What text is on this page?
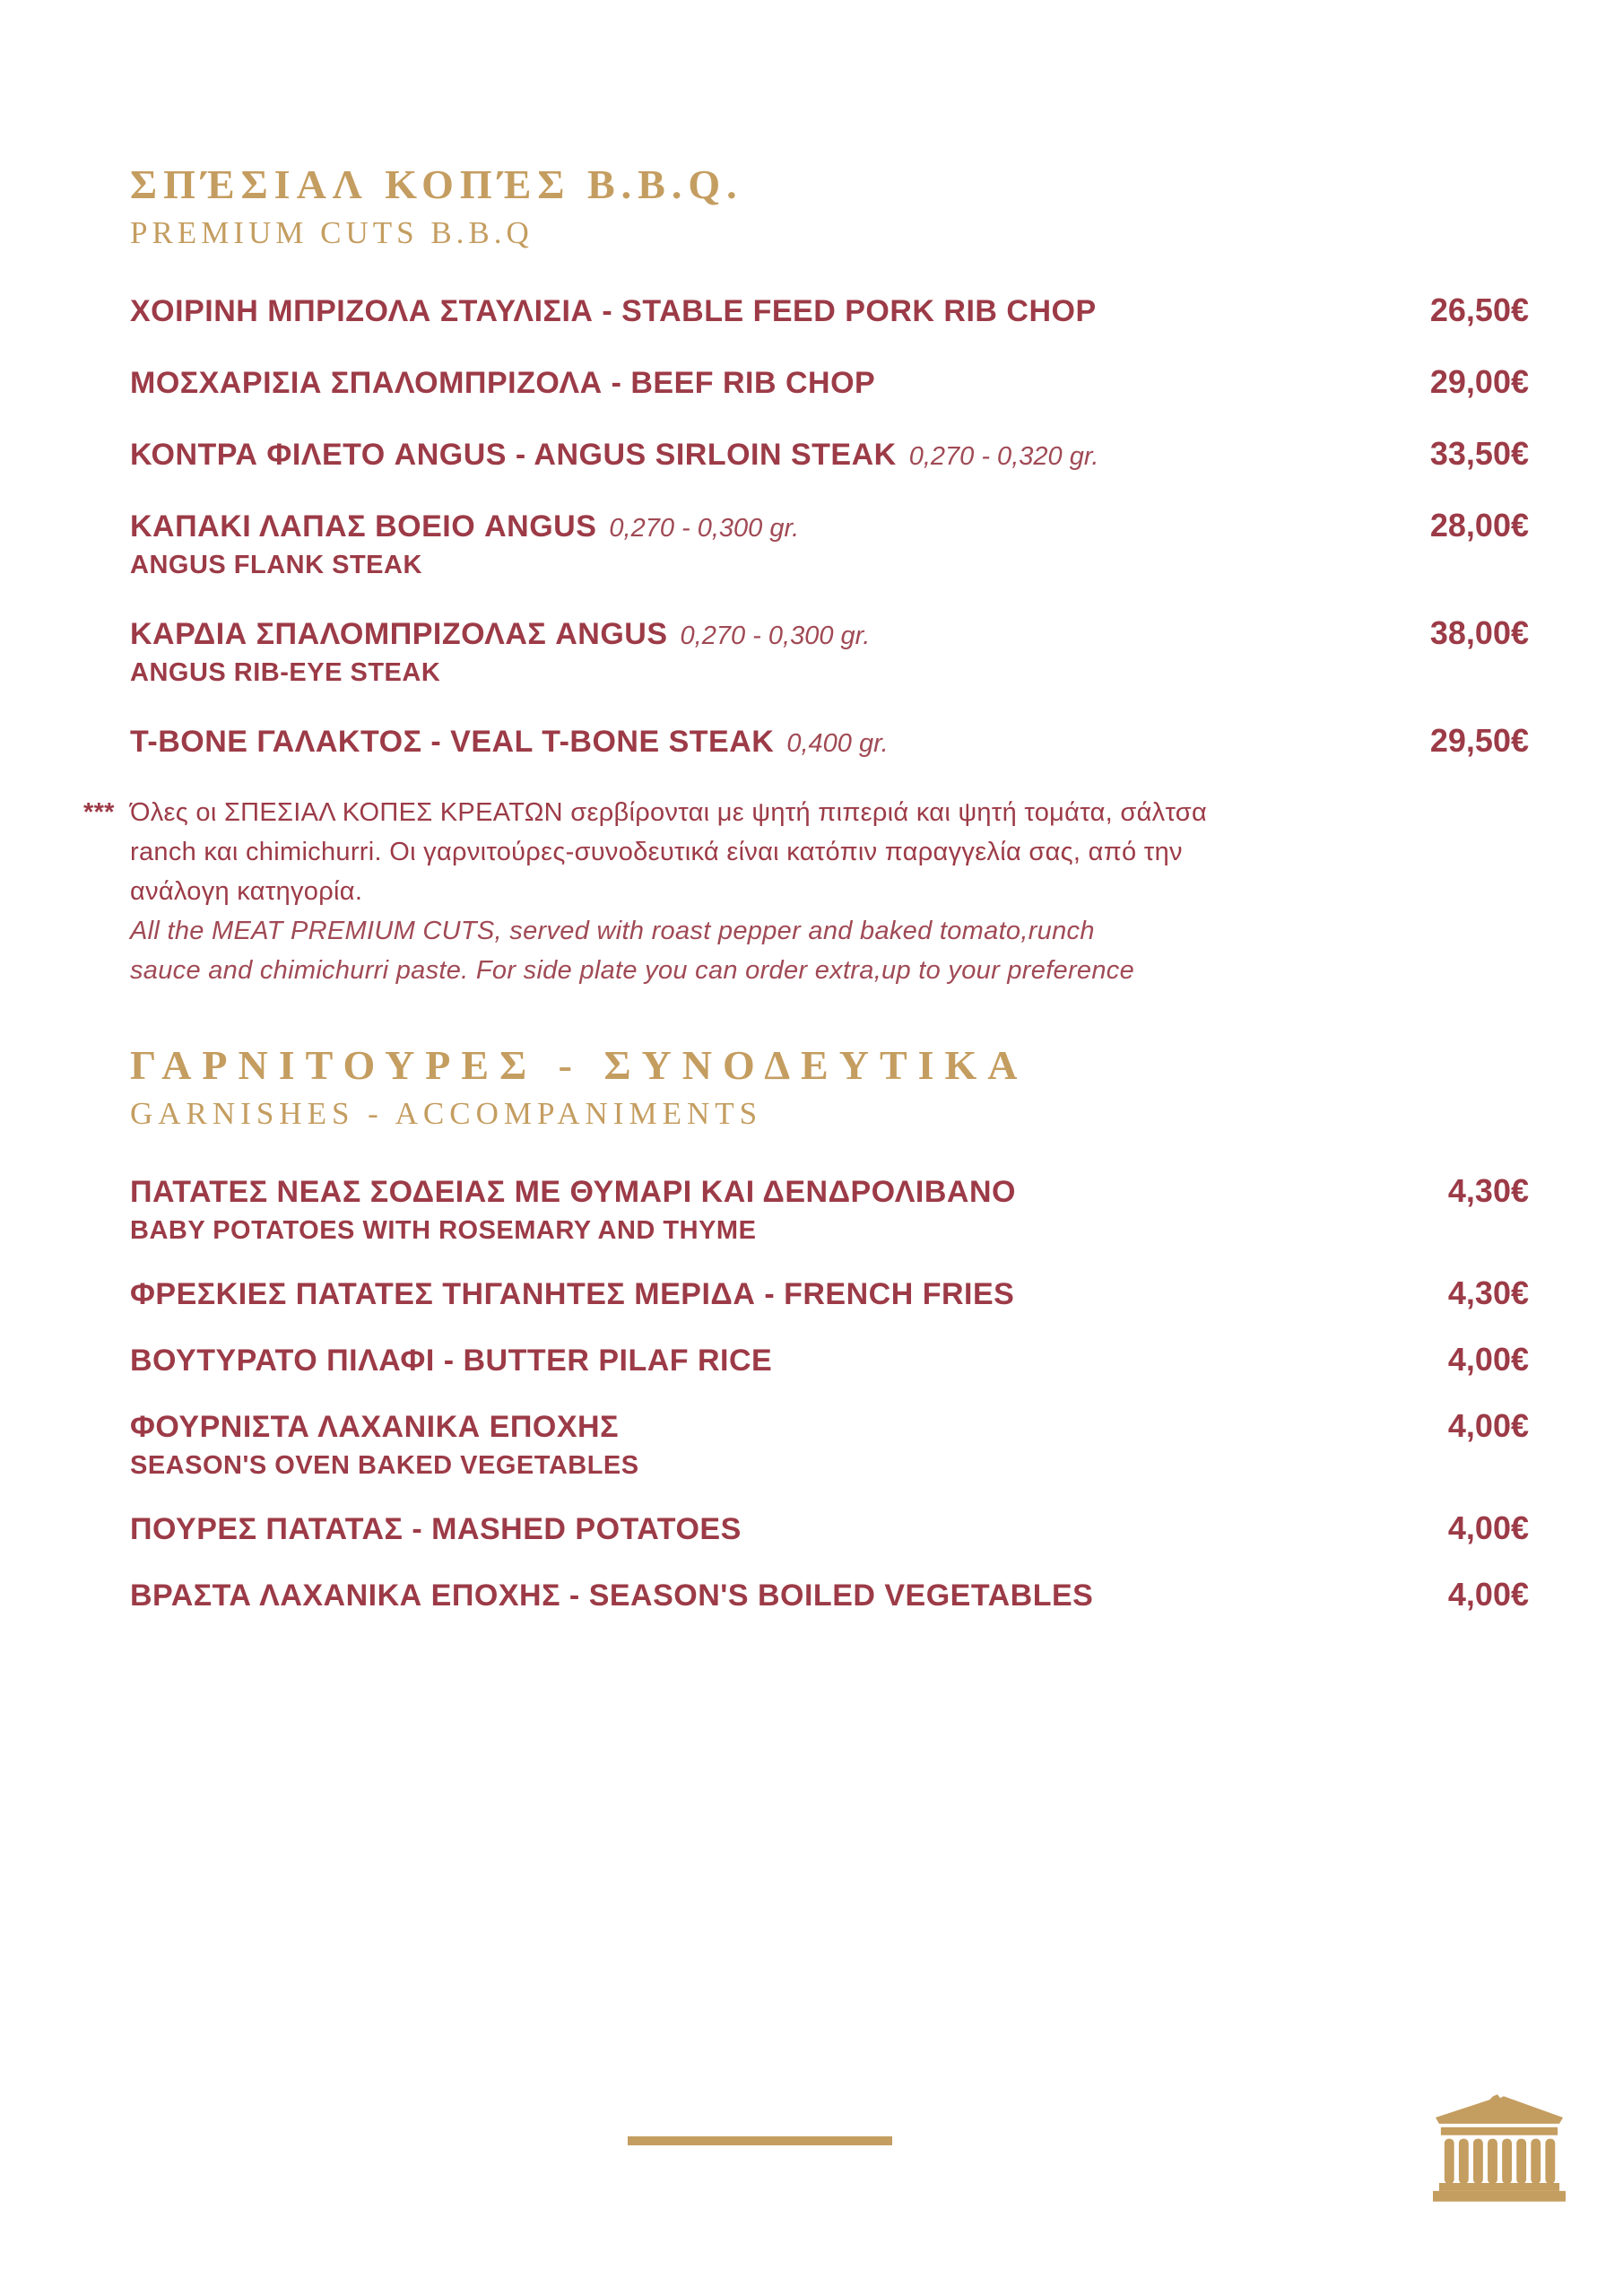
ΣΠΈΣΙΑΛ ΚΟΠΈΣ B.B.Q.
PREMIUM CUTS B.B.Q
ΧΟΙΡΙΝΗ ΜΠΡΙΖΟΛΑ ΣΤΑΥΛΙΣΙΑ - STABLE FEED PORK RIB CHOP	26,50€
ΜΟΣΧΑΡΙΣΙΑ ΣΠΑΛΟΜΠΡΙΖΟΛΑ - BEEF RIB CHOP	29,00€
ΚΟΝΤΡΑ ΦΙΛΕΤΟ ANGUS - ANGUS SIRLOIN STEAK 0,270 - 0,320 gr.	33,50€
ΚΑΠΑΚΙ ΛΑΠΑΣ ΒΟΕΙΟ ANGUS 0,270 - 0,300 gr.	28,00€
ANGUS FLANK STEAK
ΚΑΡΔΙΑ ΣΠΑΛΟΜΠΡΙΖΟΛΑΣ ANGUS 0,270 - 0,300 gr.	38,00€
ANGUS RIB-EYE STEAK
T-BONE ΓΑΛΑΚΤΟΣ - VEAL T-BONE STEAK 0,400 gr.	29,50€
*** Όλες οι ΣΠΕΣΙΑΛ ΚΟΠΕΣ ΚΡΕΑΤΩΝ σερβίρονται με ψητή πιπεριά και ψητή τομάτα, σάλτσα
ranch και chimichurri. Οι γαρνιτούρες-συνοδευτικά είναι κατόπιν παραγγελία σας, από την
ανάλογη κατηγορία.
All the MEAT PREMIUM CUTS, served with roast pepper and baked tomato,runch
sauce and chimichurri paste. For side plate you can order extra,up to your preference
ΓΑΡΝΙΤΟΥΡΕΣ - ΣΥΝΟΔΕΥΤΙΚΑ
GARNISHES - ACCOMPANIMENTS
ΠΑΤΑΤΕΣ ΝΕΑΣ ΣΟΔΕΙΑΣ ΜΕ ΘΥΜΑΡΙ ΚΑΙ ΔΕΝΔΡΟΛΙΒΑΝΟ	4,30€
BABY POTATOES WITH ROSEMARY AND THYME
ΦΡΕΣΚΙΕΣ ΠΑΤΑΤΕΣ ΤΗΓΑΝΗΤΕΣ ΜΕΡΙΔΑ - FRENCH FRIES	4,30€
ΒΟΥΤΥΡΑΤΟ ΠΙΛΑΦΙ - BUTTER PILAF RICE	4,00€
ΦΟΥΡΝΙΣΤΑ ΛΑΧΑΝΙΚΑ ΕΠΟΧΗΣ	4,00€
SEASON'S OVEN BAKED VEGETABLES
ΠΟΥΡΕΣ ΠΑΤΑΤΑΣ - MASHED POTATOES	4,00€
ΒΡΑΣΤΑ ΛΑΧΑΝΙΚΑ ΕΠΟΧΗΣ - SEASON'S BOILED VEGETABLES	4,00€
